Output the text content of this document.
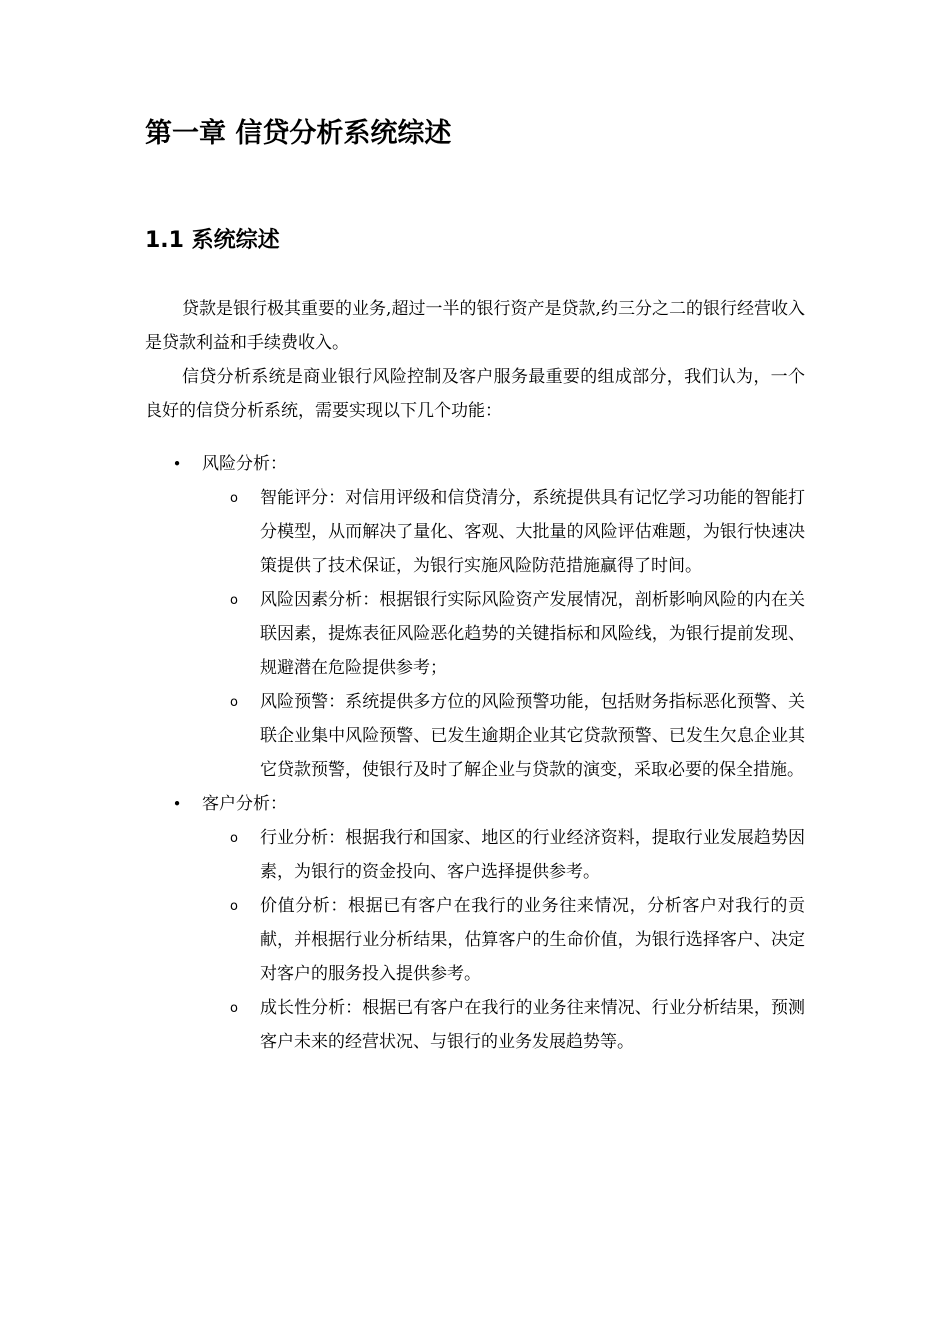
第一章 信贷分析系统综述
1.1 系统综述

贷款是银行极其重要的业务,超过一半的银行资产是贷款,约三分之二的银行经营收入是贷款利益和手续费收入。

信贷分析系统是商业银行风险控制及客户服务最重要的组成部分，我们认为，一个良好的信贷分析系统，需要实现以下几个功能：

• 风险分析：
o 智能评分：对信用评级和信贷清分，系统提供具有记忆学习功能的智能打分模型，从而解决了量化、客观、大批量的风险评估难题，为银行快速决策提供了技术保证，为银行实施风险防范措施赢得了时间。
o 风险因素分析：根据银行实际风险资产发展情况，剖析影响风险的内在关联因素，提炼表征风险恶化趋势的关键指标和风险线，为银行提前发现、规避潜在危险提供参考；
o 风险预警：系统提供多方位的风险预警功能，包括财务指标恶化预警、关联企业集中风险预警、已发生逾期企业其它贷款预警、已发生欠息企业其它贷款预警，使银行及时了解企业与贷款的演变，采取必要的保全措施。
• 客户分析：
o 行业分析：根据我行和国家、地区的行业经济资料，提取行业发展趋势因素，为银行的资金投向、客户选择提供参考。
o 价值分析：根据已有客户在我行的业务往来情况，分析客户对我行的贡献，并根据行业分析结果，估算客户的生命价值，为银行选择客户、决定对客户的服务投入提供参考。
o 成长性分析：根据已有客户在我行的业务往来情况、行业分析结果，预测客户未来的经营状况、与银行的业务发展趋势等。
